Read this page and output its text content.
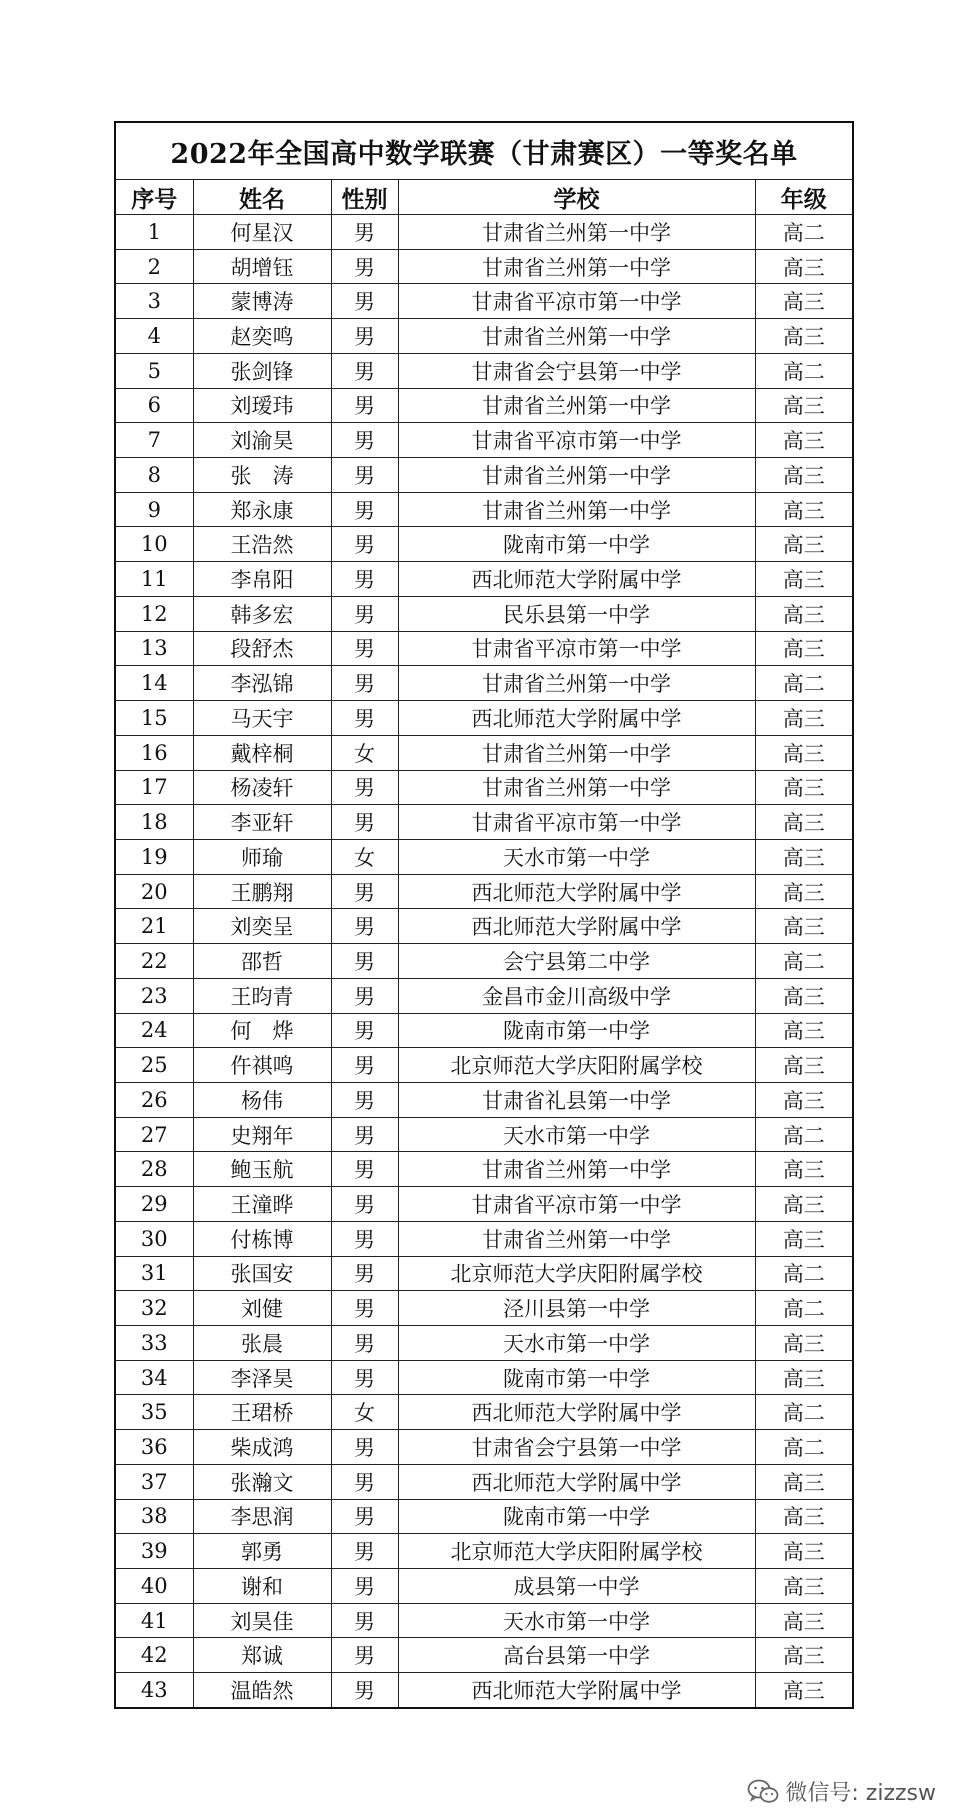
2022年全国高中数学联赛（甘肃赛区）一等奖名单				
序号	姓名	性别	学校	年级
1	何星汉	男	甘肃省兰州第一中学	高二
2	胡增钰	男	甘肃省兰州第一中学	高三
3	蒙博涛	男	甘肃省平凉市第一中学	高三
4	赵奕鸣	男	甘肃省兰州第一中学	高三
5	张剑锋	男	甘肃省会宁县第一中学	高二
6	刘瑷玮	男	甘肃省兰州第一中学	高三
7	刘渝昊	男	甘肃省平凉市第一中学	高三
8	张　涛	男	甘肃省兰州第一中学	高三
9	郑永康	男	甘肃省兰州第一中学	高三
10	王浩然	男	陇南市第一中学	高三
11	李帛阳	男	西北师范大学附属中学	高三
12	韩多宏	男	民乐县第一中学	高三
13	段舒杰	男	甘肃省平凉市第一中学	高三
14	李泓锦	男	甘肃省兰州第一中学	高二
15	马天宇	男	西北师范大学附属中学	高三
16	戴梓桐	女	甘肃省兰州第一中学	高三
17	杨凌轩	男	甘肃省兰州第一中学	高三
18	李亚轩	男	甘肃省平凉市第一中学	高三
19	师瑜	女	天水市第一中学	高三
20	王鹏翔	男	西北师范大学附属中学	高三
21	刘奕呈	男	西北师范大学附属中学	高三
22	邵哲	男	会宁县第二中学	高二
23	王昀青	男	金昌市金川高级中学	高三
24	何　烨	男	陇南市第一中学	高三
25	仵祺鸣	男	北京师范大学庆阳附属学校	高三
26	杨伟	男	甘肃省礼县第一中学	高三
27	史翔年	男	天水市第一中学	高二
28	鲍玉航	男	甘肃省兰州第一中学	高三
29	王潼晔	男	甘肃省平凉市第一中学	高三
30	付栋博	男	甘肃省兰州第一中学	高三
31	张国安	男	北京师范大学庆阳附属学校	高二
32	刘健	男	泾川县第一中学	高二
33	张晨	男	天水市第一中学	高三
34	李泽昊	男	陇南市第一中学	高三
35	王珺桥	女	西北师范大学附属中学	高二
36	柴成鸿	男	甘肃省会宁县第一中学	高二
37	张瀚文	男	西北师范大学附属中学	高三
38	李思润	男	陇南市第一中学	高三
39	郭勇	男	北京师范大学庆阳附属学校	高三
40	谢和	男	成县第一中学	高三
41	刘昊佳	男	天水市第一中学	高三
42	郑诚	男	高台县第一中学	高三
43	温皓然	男	西北师范大学附属中学	高三
微信号: zizzsw
